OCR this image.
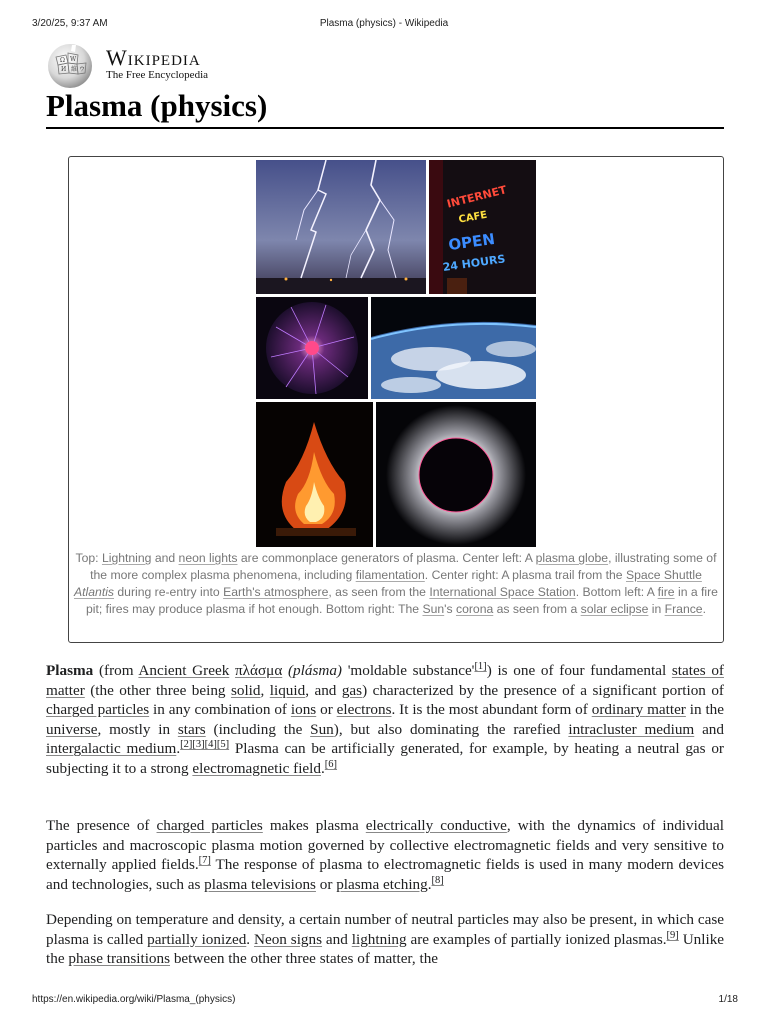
3/20/25, 9:37 AM	Plasma (physics) - Wikipedia
Ω W
И 維 ウ Wikipedia
The Free Encyclopedia
Plasma (physics)
INTERNET
CAFE
OPEN
24 HOURS
Top: Lightning and neon lights are commonplace generators of plasma. Center left: A plasma globe, illustrating some of the more complex plasma phenomena, including filamentation. Center right: A plasma trail from the Space Shuttle Atlantis during re-entry into Earth's atmosphere, as seen from the International Space Station. Bottom left: A fire in a fire pit; fires may produce plasma if hot enough. Bottom right: The Sun's corona as seen from a solar eclipse in France.

Plasma (from Ancient Greek πλάσμα (plásma) 'moldable substance'[1]) is one of four fundamental states of matter (the other three being solid, liquid, and gas) characterized by the presence of a significant portion of charged particles in any combination of ions or electrons. It is the most abundant form of ordinary matter in the universe, mostly in stars (including the Sun), but also dominating the rarefied intracluster medium and intergalactic medium.[2][3][4][5] Plasma can be artificially generated, for example, by heating a neutral gas or subjecting it to a strong electromagnetic field.[6]

The presence of charged particles makes plasma electrically conductive, with the dynamics of individual particles and macroscopic plasma motion governed by collective electromagnetic fields and very sensitive to externally applied fields.[7] The response of plasma to electromagnetic fields is used in many modern devices and technologies, such as plasma televisions or plasma etching.[8]

Depending on temperature and density, a certain number of neutral particles may also be present, in which case plasma is called partially ionized. Neon signs and lightning are examples of partially ionized plasmas.[9] Unlike the phase transitions between the other three states of matter, the

https://en.wikipedia.org/wiki/Plasma_(physics)	1/18
